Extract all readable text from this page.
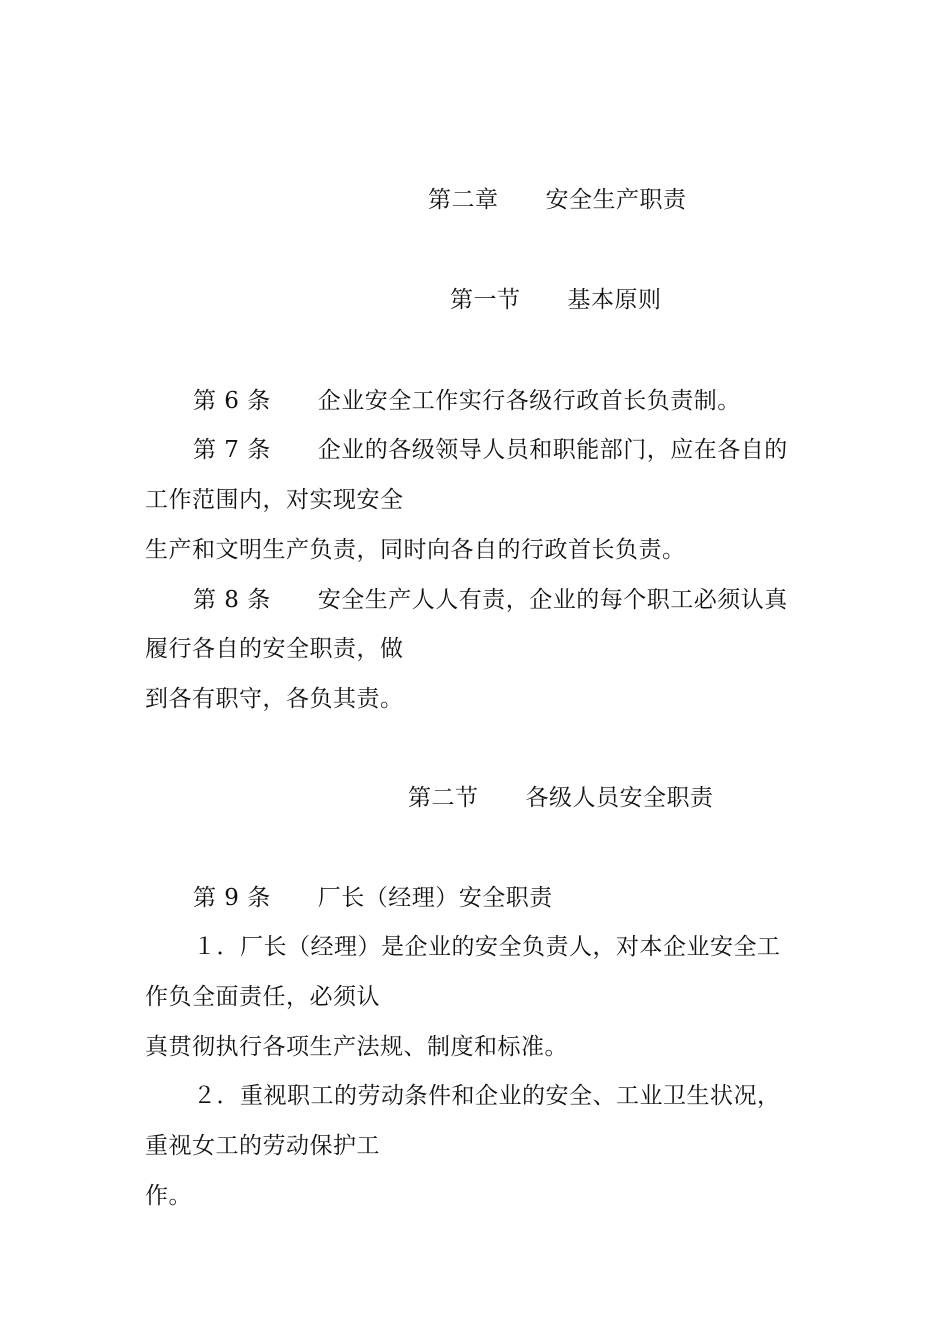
第二章　　安全生产职责
第一节　　基本原则
第 6 条　　企业安全工作实行各级行政首长负责制。
第 7 条　　企业的各级领导人员和职能部门，应在各自的
工作范围内，对实现安全
生产和文明生产负责，同时向各自的行政首长负责。
第 8 条　　安全生产人人有责，企业的每个职工必须认真
履行各自的安全职责，做
到各有职守，各负其责。
第二节　　各级人员安全职责
第 9 条　　厂长（经理）安全职责
１．厂长（经理）是企业的安全负责人，对本企业安全工
作负全面责任，必须认
真贯彻执行各项生产法规、制度和标准。
２．重视职工的劳动条件和企业的安全、工业卫生状况，
重视女工的劳动保护工
作。
